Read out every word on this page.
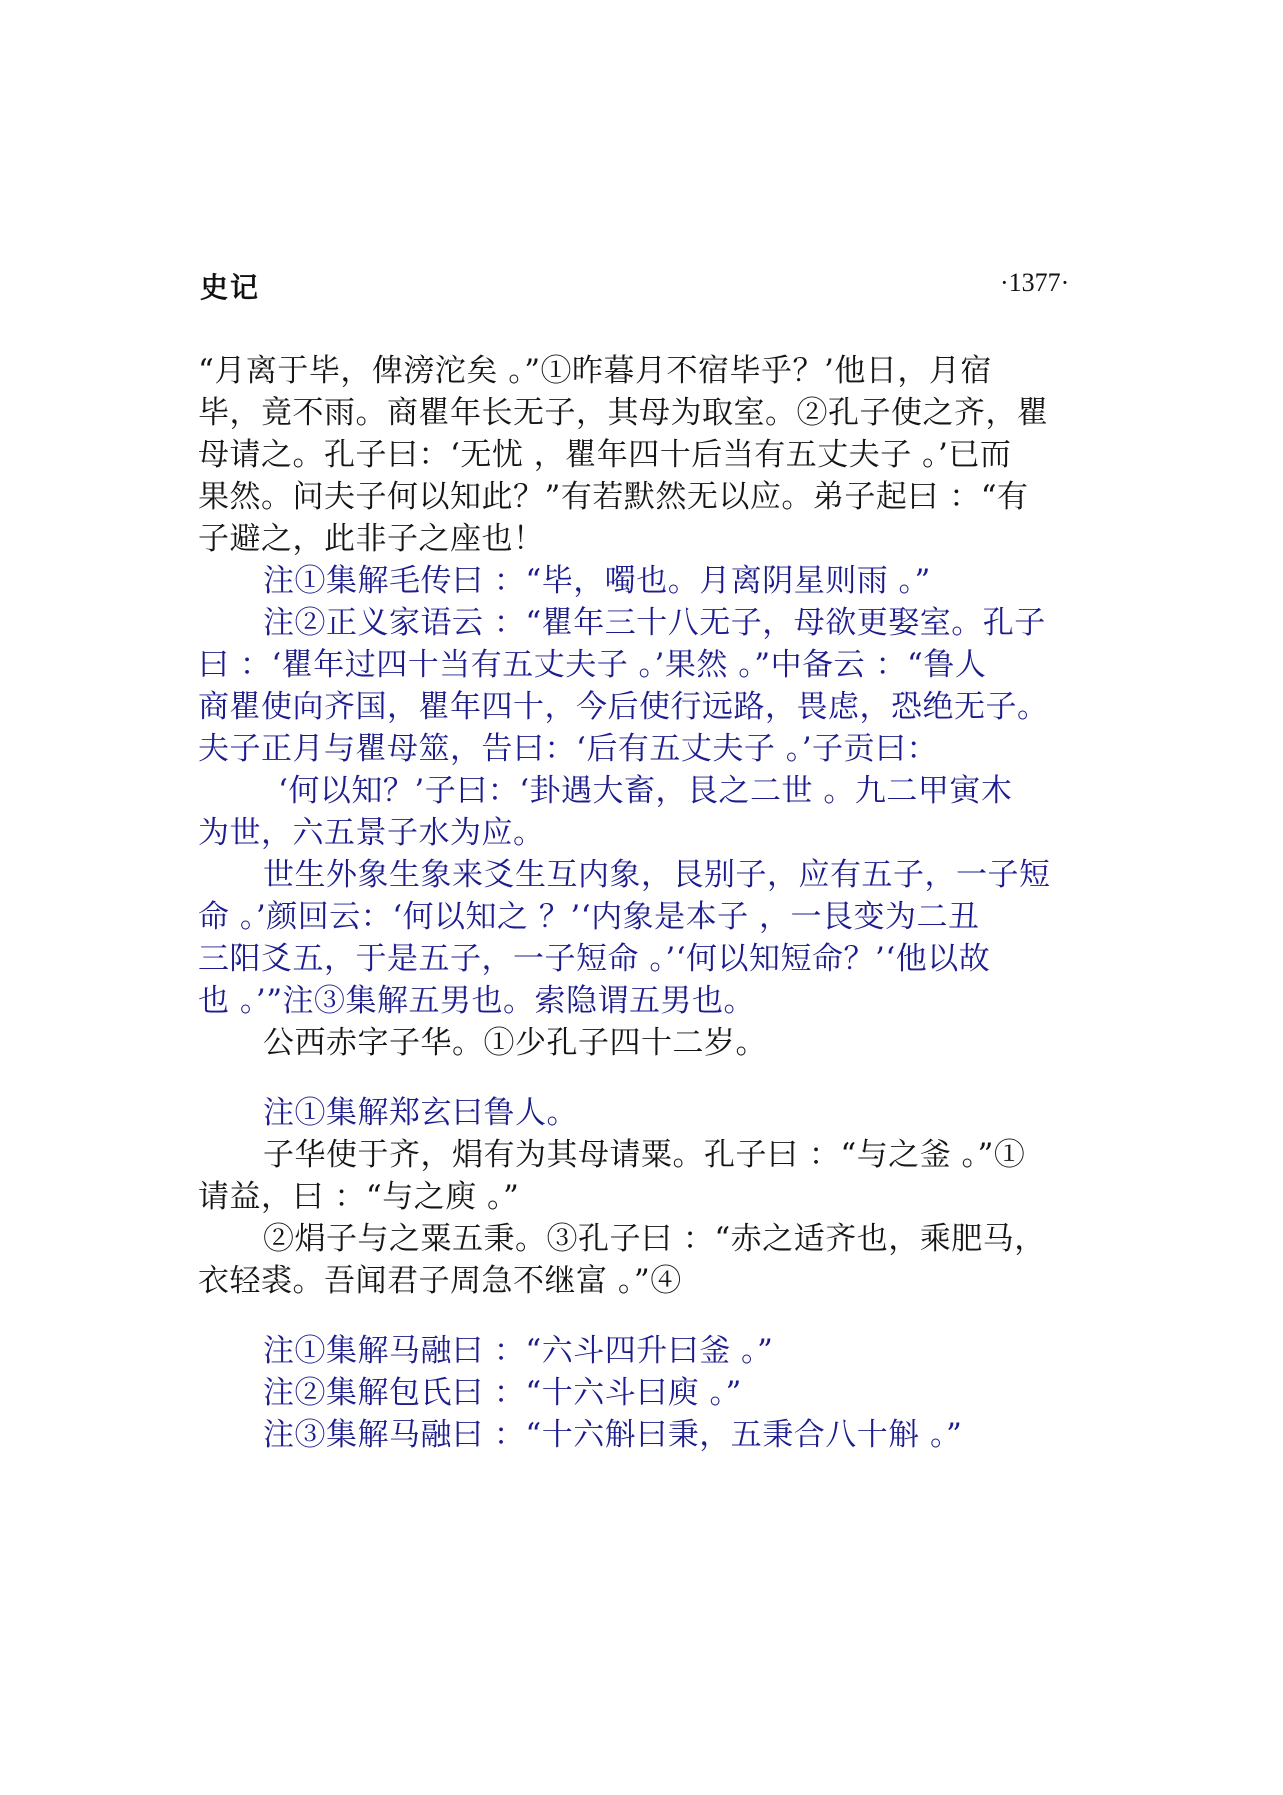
史记	·1377·
“月离于毕，俾滂沱矣 。”①昨暮月不宿毕乎？’他日，月宿
毕，竟不雨。商瞿年长无子，其母为取室。②孔子使之齐，瞿
母请之。孔子曰：‘无忧 ，瞿年四十后当有五丈夫子 。’已而
果然。问夫子何以知此？”有若默然无以应。弟子起曰 ：“有
子避之，此非子之座也！
注①集解毛传曰 ：“毕，噣也。月离阴星则雨 。”
注②正义家语云 ：“瞿年三十八无子，母欲更娶室。孔子
曰 ：‘瞿年过四十当有五丈夫子 。’果然 。”中备云 ：“鲁人
商瞿使向齐国，瞿年四十，今后使行远路，畏虑，恐绝无子。
夫子正月与瞿母筮，告曰：‘后有五丈夫子 。’子贡曰：
‘何以知？’子曰：‘卦遇大畜，艮之二世 。九二甲寅木
为世，六五景子水为应。
世生外象生象来爻生互内象，艮别子，应有五子，一子短
命 。’颜回云：‘何以知之 ？’‘内象是本子 ，一艮变为二丑
三阳爻五，于是五子，一子短命 。’‘何以知短命？’‘他以故
也 。’”注③集解五男也。索隐谓五男也。
公西赤字子华。①少孔子四十二岁。
注①集解郑玄曰鲁人。
子华使于齐，焆有为其母请粟。孔子曰 ：“与之釜 。”①
请益，曰 ：“与之庾 。”
②焆子与之粟五秉。③孔子曰 ：“赤之适齐也，乘肥马，
衣轻裘。吾闻君子周急不继富 。”④
注①集解马融曰 ：“六斗四升曰釜 。”
注②集解包氏曰 ：“十六斗曰庾 。”
注③集解马融曰 ：“十六斛曰秉，五秉合八十斛 。”
